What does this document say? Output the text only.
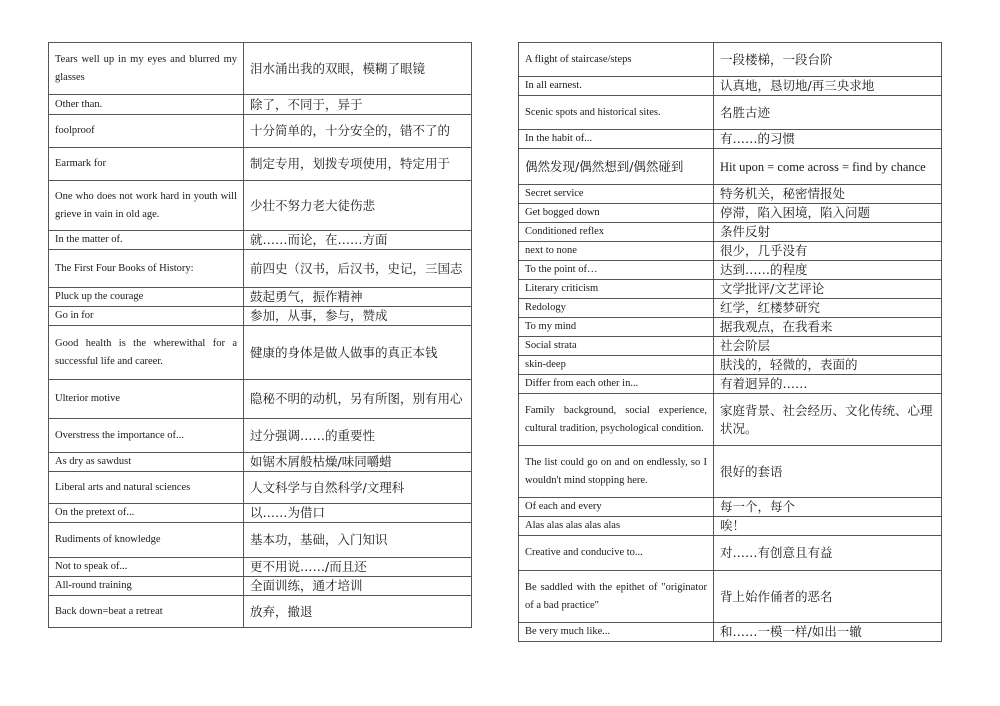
Tears well up in my eyes and blurred my glasses	泪水涌出我的双眼，模糊了眼镜
Other than.	除了，不同于，异于
foolproof	十分简单的，十分安全的，错不了的
Earmark for	制定专用，划拨专项使用，特定用于
One who does not work hard in youth will grieve in vain in old age.	少壮不努力老大徒伤悲
In the matter of.	就……而论，在……方面
The First Four Books of History:	前四史（汉书，后汉书，史记，三国志
Pluck up the courage	鼓起勇气，振作精神
Go in for	参加，从事，参与，赞成
Good health is the wherewithal for a successful life and career.	健康的身体是做人做事的真正本钱
Ulterior motive	隐秘不明的动机，另有所图，别有用心
Overstress the importance of...	过分强调……的重要性
As dry as sawdust	如锯木屑般枯燥/味同嚼蜡
Liberal arts and natural sciences	人文科学与自然科学/文理科
On the pretext of...	以……为借口
Rudiments of knowledge	基本功，基础，入门知识
Not to speak of...	更不用说……/而且还
All-round training	全面训练，通才培训
Back down=beat a retreat	放弃，撤退
A flight of staircase/steps	一段楼梯，一段台阶
In all earnest.	认真地，恳切地/再三央求地
Scenic spots and historical sites.	名胜古迹
In the habit of...	有……的习惯
偶然发现/偶然想到/偶然碰到	Hit upon = come across = find by chance
Secret service	特务机关，秘密情报处
Get bogged down	停滞，陷入困境，陷入问题
Conditioned reflex	条件反射
next to none	很少，几乎没有
To the point of…	达到……的程度
Literary criticism	文学批评/文艺评论
Redology	红学，红楼梦研究
To my mind	据我观点，在我看来
Social strata	社会阶层
skin-deep	肤浅的，轻微的，表面的
Differ from each other in...	有着迥异的……
Family background, social experience, cultural tradition, psychological condition.	家庭背景、社会经历、文化传统、心理状况。
The list could go on and on endlessly, so I wouldn't mind stopping here.	很好的套语
Of each and every	每一个，每个
Alas alas alas alas alas	唉！
Creative and conducive to...	对……有创意且有益
Be saddled with the epithet of "originator of a bad practice"	背上始作俑者的恶名
Be very much like...	和……一模一样/如出一辙
